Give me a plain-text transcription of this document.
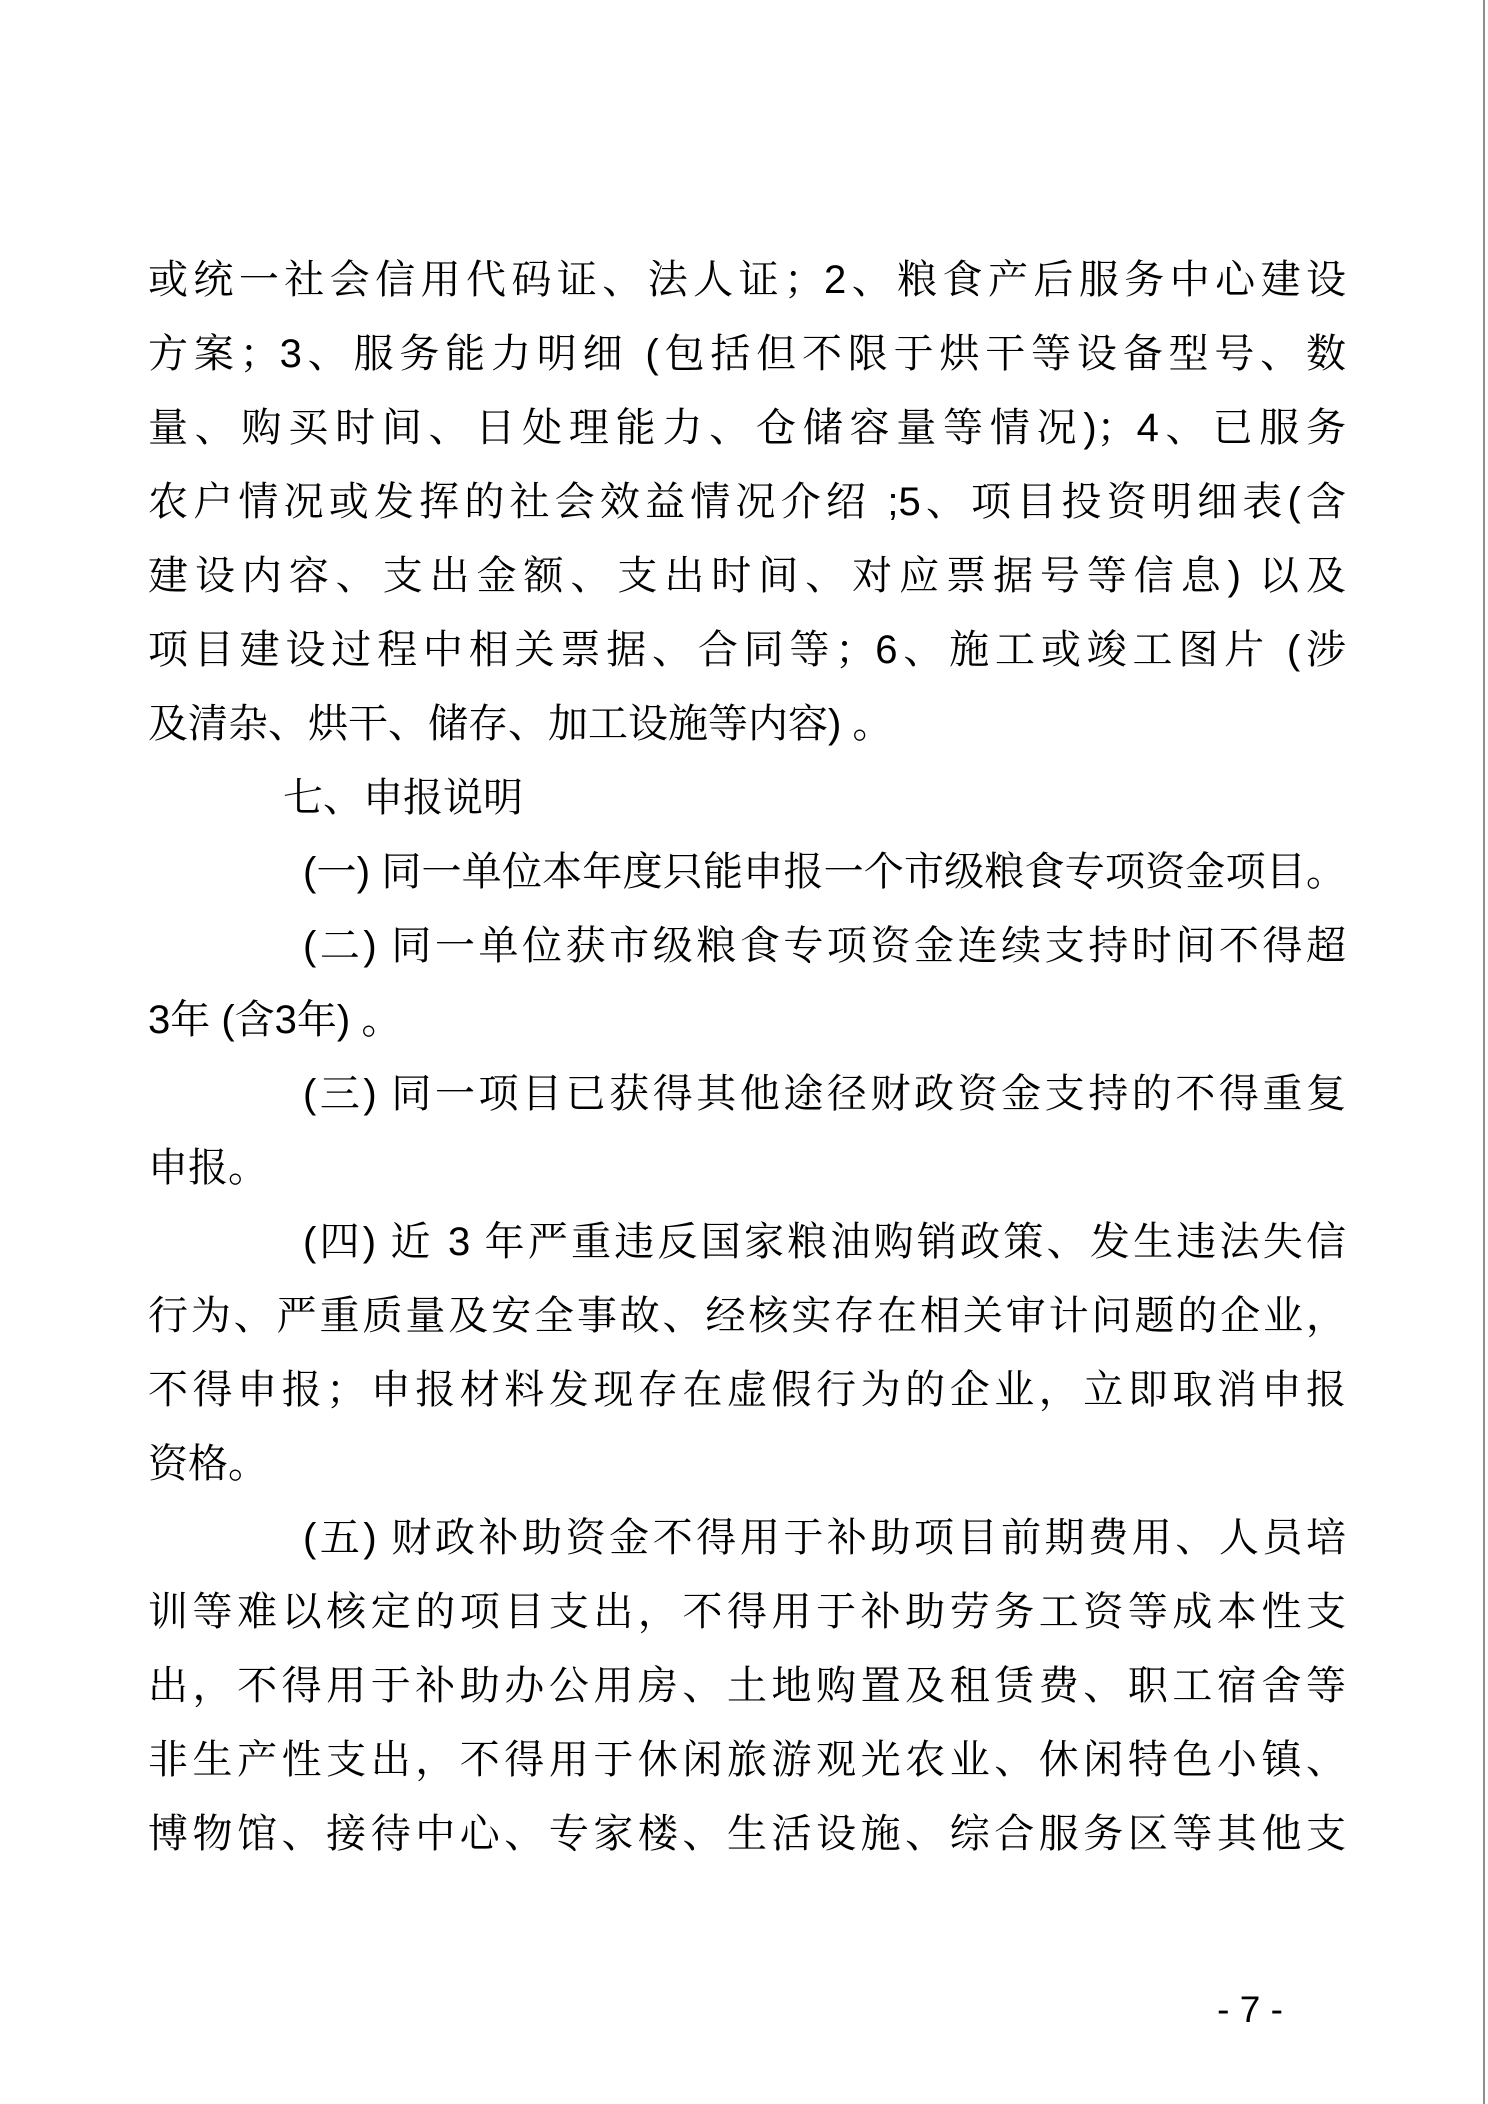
或统一社会信用代码证、法人证；2、粮食产后服务中心建设
方案；3、服务能力明细 (包括但不限于烘干等设备型号、数
量、购买时间、日处理能力、仓储容量等情况)；4、已服务
农户情况或发挥的社会效益情况介绍 ;5、项目投资明细表(含
建设内容、支出金额、支出时间、对应票据号等信息) 以及
项目建设过程中相关票据、合同等；6、施工或竣工图片 (涉
及清杂、烘干、储存、加工设施等内容) 。
七、申报说明
(一) 同一单位本年度只能申报一个市级粮食专项资金项目。
(二) 同一单位获市级粮食专项资金连续支持时间不得超
3年 (含3年) 。
(三) 同一项目已获得其他途径财政资金支持的不得重复
申报。
(四) 近 3 年严重违反国家粮油购销政策、发生违法失信
行为、严重质量及安全事故、经核实存在相关审计问题的企业，
不得申报；申报材料发现存在虚假行为的企业，立即取消申报
资格。
(五) 财政补助资金不得用于补助项目前期费用、人员培
训等难以核定的项目支出，不得用于补助劳务工资等成本性支
出，不得用于补助办公用房、土地购置及租赁费、职工宿舍等
非生产性支出，不得用于休闲旅游观光农业、休闲特色小镇、
博物馆、接待中心、专家楼、生活设施、综合服务区等其他支
- 7 -
